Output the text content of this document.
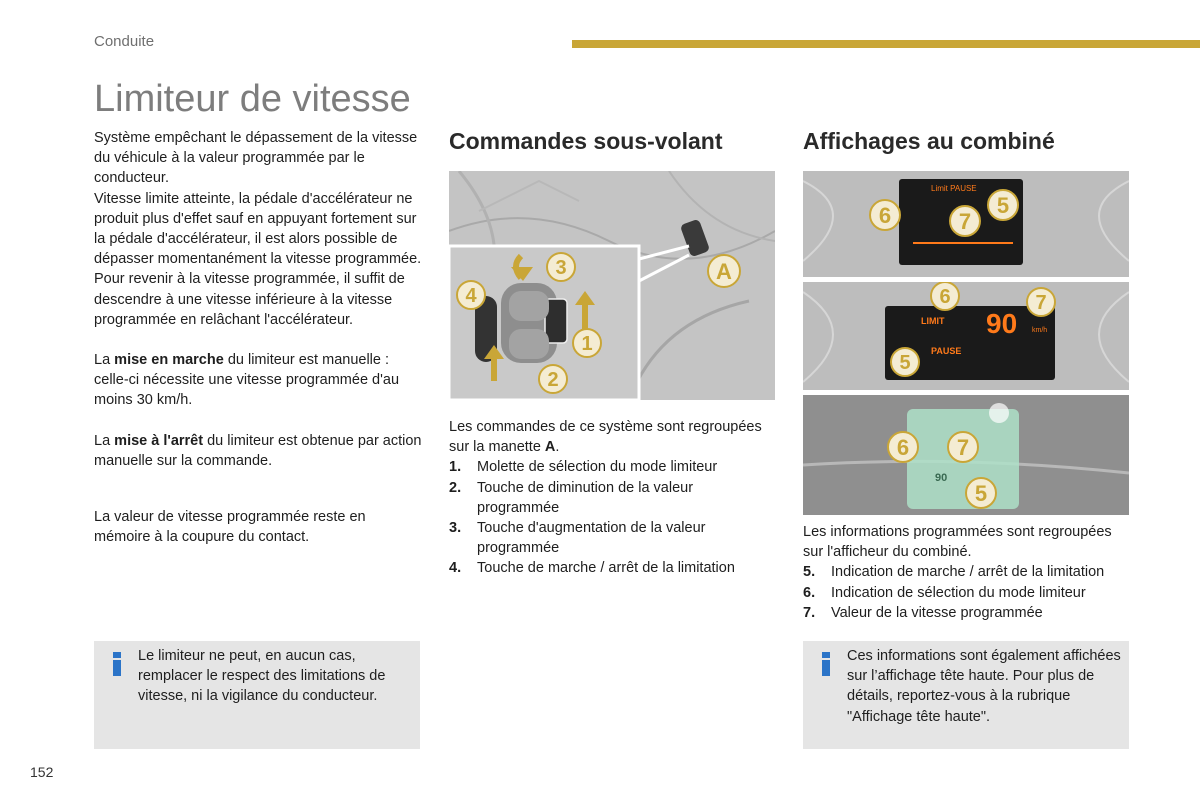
Conduite
Limiteur de vitesse

Système empêchant le dépassement de la vitesse du véhicule à la valeur programmée par le conducteur.

Vitesse limite atteinte, la pédale d'accélérateur ne produit plus d'effet sauf en appuyant fortement sur la pédale d'accélérateur, il est alors possible de dépasser momentanément la vitesse programmée.

Pour revenir à la vitesse programmée, il suffit de descendre à une vitesse inférieure à la vitesse programmée en relâchant l'accélérateur.

La mise en marche du limiteur est manuelle : celle-ci nécessite une vitesse programmée d'au moins 30 km/h.

La mise à l'arrêt du limiteur est obtenue par action manuelle sur la commande.

La valeur de vitesse programmée reste en mémoire à la coupure du contact.

Le limiteur ne peut, en aucun cas, remplacer le respect des limitations de vitesse, ni la vigilance du conducteur.
Commandes sous-volant
A
3
4
1
2

Les commandes de ce système sont regroupées sur la manette A.

1. Molette de sélection du mode limiteur
2. Touche de diminution de la valeur programmée
3. Touche d'augmentation de la valeur programmée
4. Touche de marche / arrêt de la limitation
Affichages au combiné
Limit PAUSE
6	7
5
LIMIT 90 km/h
PAUSE
6	7
5
90
6 7
5

Les informations programmées sont regroupées sur l'afficheur du combiné.

5. Indication de marche / arrêt de la limitation
6. Indication de sélection du mode limiteur
7. Valeur de la vitesse programmée
Ces informations sont également affichées sur l’affichage tête haute. Pour plus de détails, reportez-vous à la rubrique "Affichage tête haute".
152
